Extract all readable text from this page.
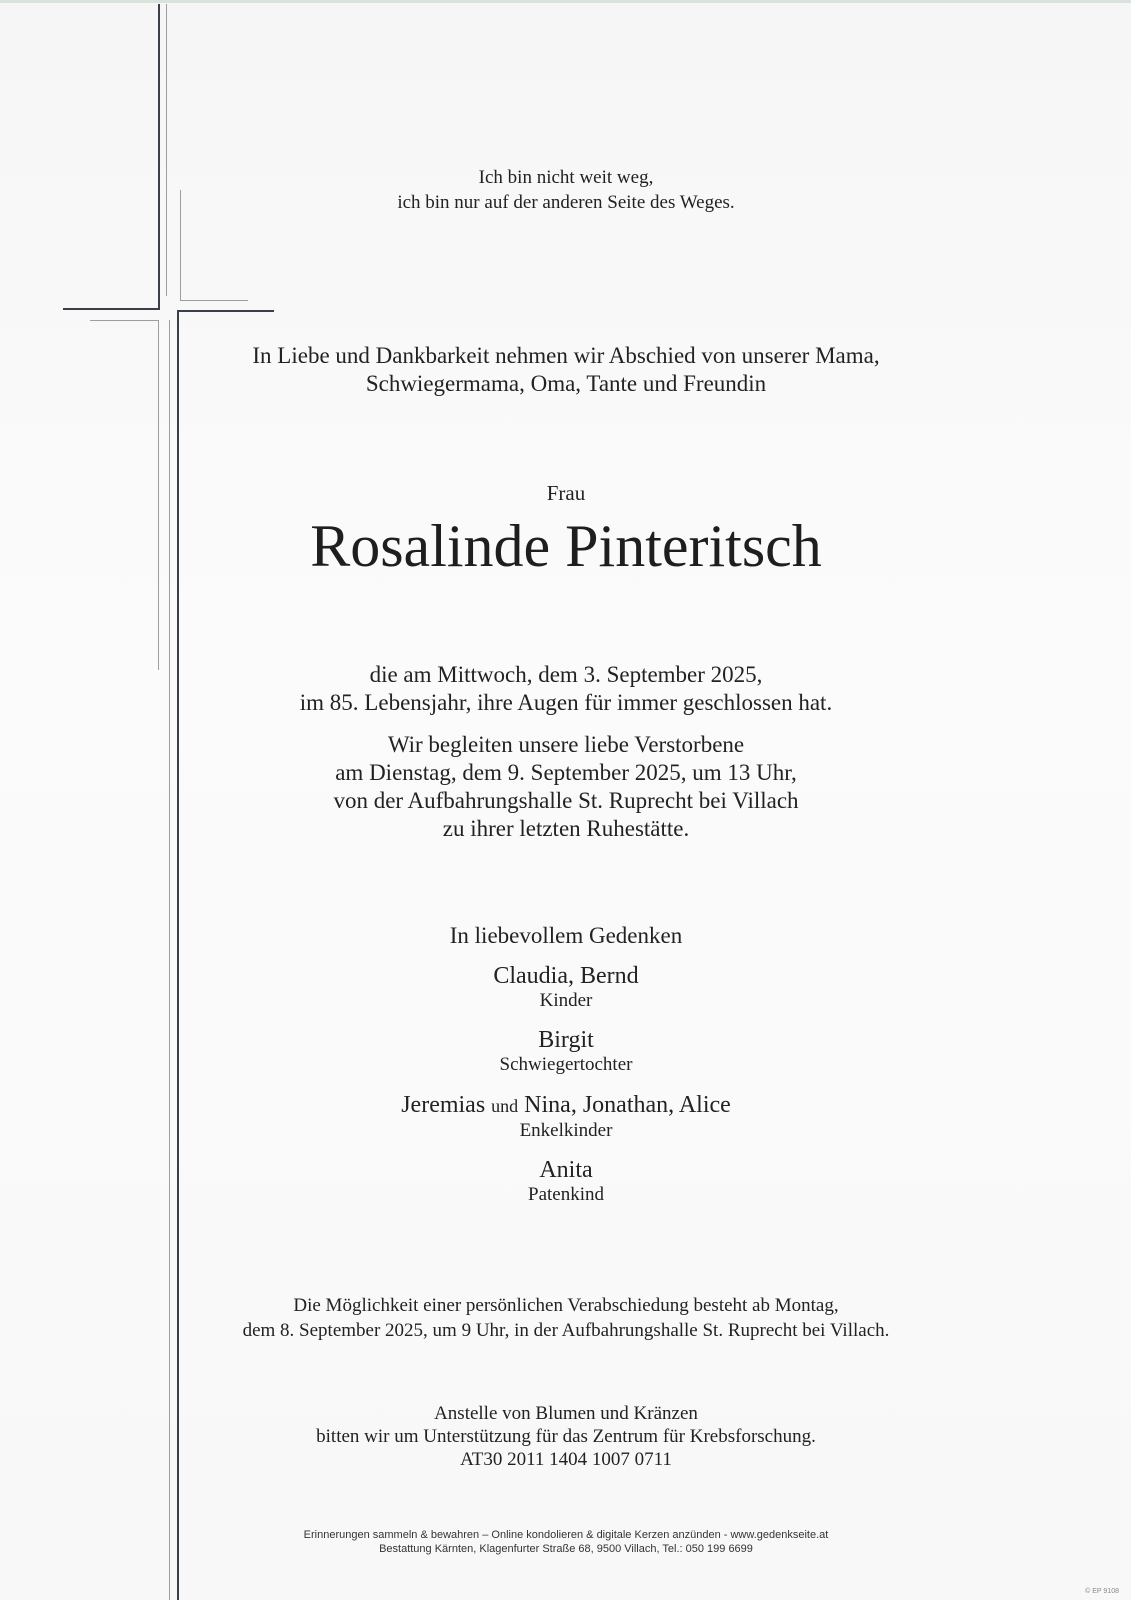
Ich bin nicht weit weg,
ich bin nur auf der anderen Seite des Weges.
In Liebe und Dankbarkeit nehmen wir Abschied von unserer Mama,
Schwiegermama, Oma, Tante und Freundin
Frau
Rosalinde Pinteritsch
die am Mittwoch, dem 3. September 2025,
im 85. Lebensjahr, ihre Augen für immer geschlossen hat.
Wir begleiten unsere liebe Verstorbene
am Dienstag, dem 9. September 2025, um 13 Uhr,
von der Aufbahrungshalle St. Ruprecht bei Villach
zu ihrer letzten Ruhestätte.
In liebevollem Gedenken
Claudia, Bernd
Kinder
Birgit
Schwiegertochter
Jeremias und Nina, Jonathan, Alice
Enkelkinder
Anita
Patenkind
Die Möglichkeit einer persönlichen Verabschiedung besteht ab Montag,
dem 8. September 2025, um 9 Uhr, in der Aufbahrungshalle St. Ruprecht bei Villach.
Anstelle von Blumen und Kränzen
bitten wir um Unterstützung für das Zentrum für Krebsforschung.
AT30 2011 1404 1007 0711
Erinnerungen sammeln & bewahren – Online kondolieren & digitale Kerzen anzünden - www.gedenkseite.at
Bestattung Kärnten, Klagenfurter Straße 68, 9500 Villach, Tel.: 050 199 6699
© EP 9108
